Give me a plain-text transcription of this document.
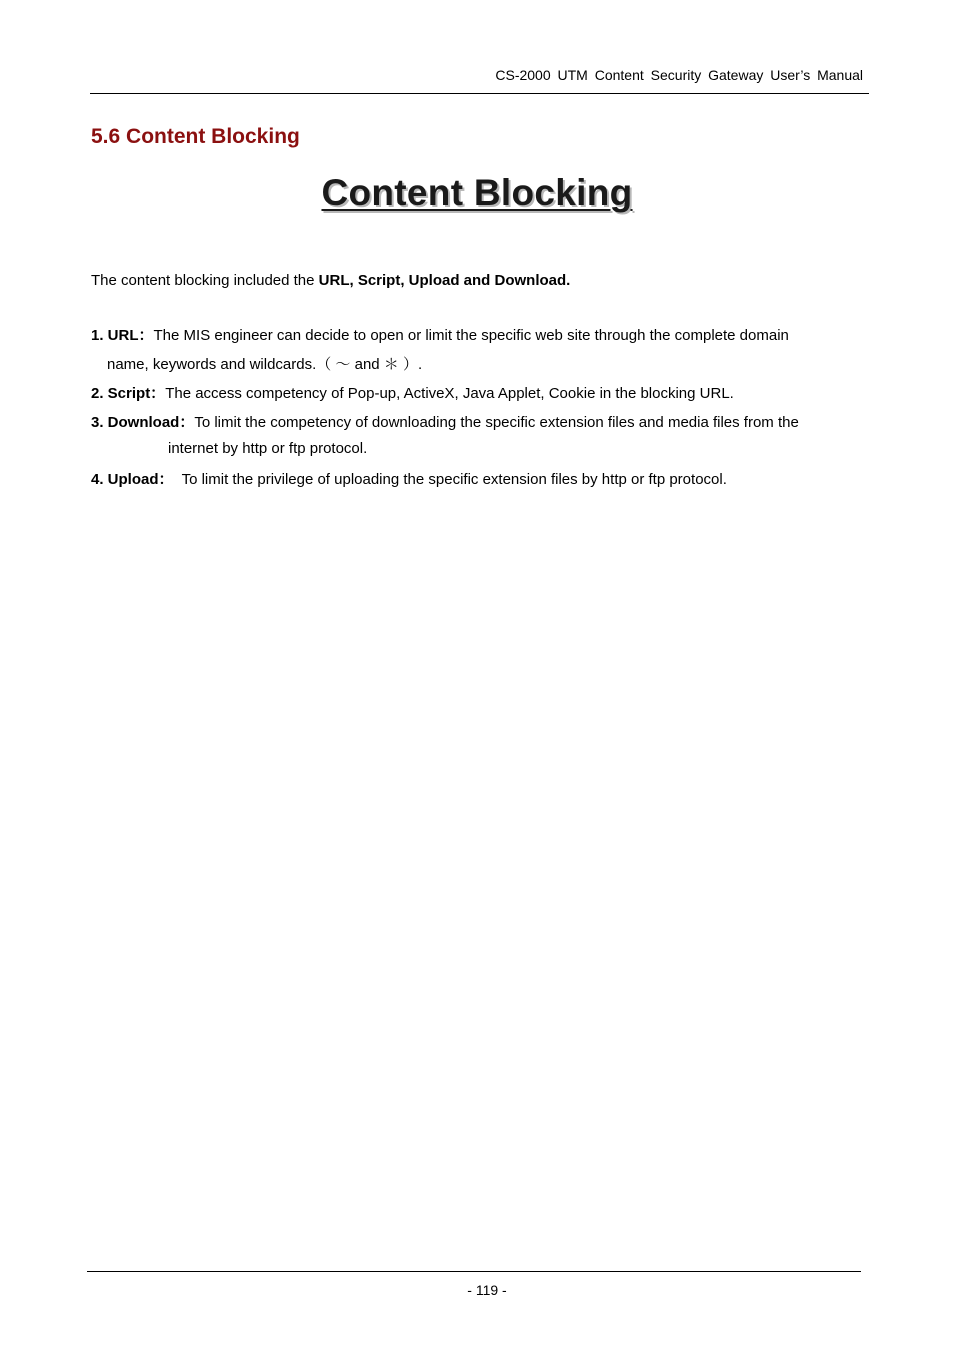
CS-2000 UTM Content Security Gateway User’s Manual
5.6 Content Blocking
Content Blocking
The content blocking included the URL, Script, Upload and Download.
1. URL：The MIS engineer can decide to open or limit the specific web site through the complete domain
name, keywords and wildcards.（ ～ and ＊ ）.
2. Script：The access competency of Pop-up, ActiveX, Java Applet, Cookie in the blocking URL.
3. Download：To limit the competency of downloading the specific extension files and media files from the
internet by http or ftp protocol.
4. Upload：  To limit the privilege of uploading the specific extension files by http or ftp protocol.
- 119 -
